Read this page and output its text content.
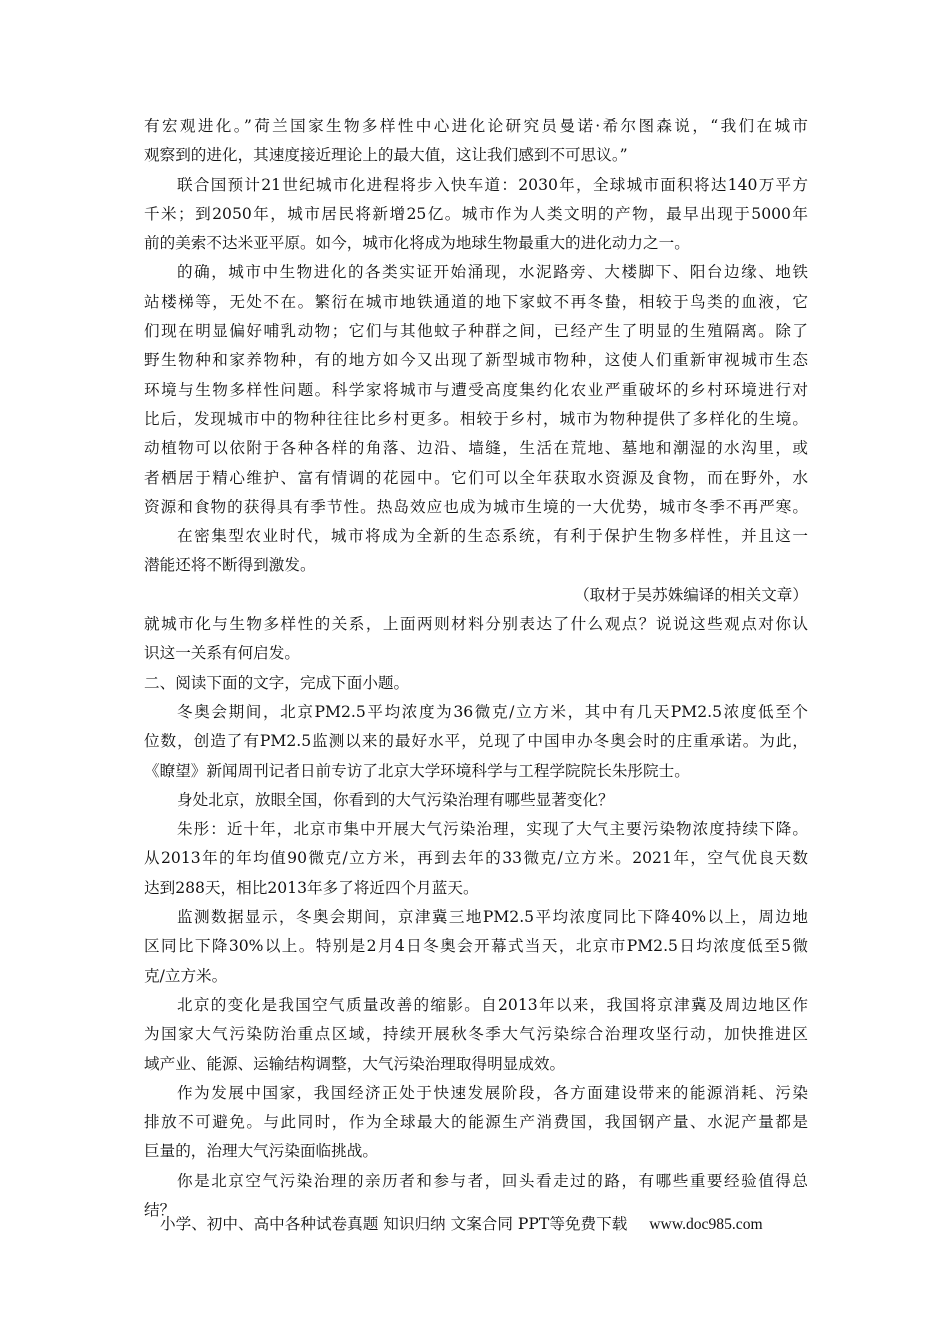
有宏观进化。”荷兰国家生物多样性中心进化论研究员曼诺·希尔图森说，“我们在城市
观察到的进化，其速度接近理论上的最大值，这让我们感到不可思议。”
联合国预计21世纪城市化进程将步入快车道：2030年，全球城市面积将达140万平方
千米；到2050年，城市居民将新增25亿。城市作为人类文明的产物，最早出现于5000年
前的美索不达米亚平原。如今，城市化将成为地球生物最重大的进化动力之一。
的确，城市中生物进化的各类实证开始涌现，水泥路旁、大楼脚下、阳台边缘、地铁
站楼梯等，无处不在。繁衍在城市地铁通道的地下家蚊不再冬蛰，相较于鸟类的血液，它
们现在明显偏好哺乳动物；它们与其他蚊子种群之间，已经产生了明显的生殖隔离。除了
野生物种和家养物种，有的地方如今又出现了新型城市物种，这使人们重新审视城市生态
环境与生物多样性问题。科学家将城市与遭受高度集约化农业严重破坏的乡村环境进行对
比后，发现城市中的物种往往比乡村更多。相较于乡村，城市为物种提供了多样化的生境。
动植物可以依附于各种各样的角落、边沿、墙缝，生活在荒地、墓地和潮湿的水沟里，或
者栖居于精心维护、富有情调的花园中。它们可以全年获取水资源及食物，而在野外，水
资源和食物的获得具有季节性。热岛效应也成为城市生境的一大优势，城市冬季不再严寒。
在密集型农业时代，城市将成为全新的生态系统，有利于保护生物多样性，并且这一
潜能还将不断得到激发。
（取材于吴苏姝编译的相关文章）
就城市化与生物多样性的关系，上面两则材料分别表达了什么观点？说说这些观点对你认
识这一关系有何启发。
二、阅读下面的文字，完成下面小题。
冬奥会期间，北京PM2.5平均浓度为36微克/立方米，其中有几天PM2.5浓度低至个
位数，创造了有PM2.5监测以来的最好水平，兑现了中国申办冬奥会时的庄重承诺。为此，
《瞭望》新闻周刊记者日前专访了北京大学环境科学与工程学院院长朱彤院士。
身处北京，放眼全国，你看到的大气污染治理有哪些显著变化？
朱彤：近十年，北京市集中开展大气污染治理，实现了大气主要污染物浓度持续下降。
从2013年的年均值90微克/立方米，再到去年的33微克/立方米。2021年，空气优良天数
达到288天，相比2013年多了将近四个月蓝天。
监测数据显示，冬奥会期间，京津冀三地PM2.5平均浓度同比下降40%以上，周边地
区同比下降30%以上。特别是2月4日冬奥会开幕式当天，北京市PM2.5日均浓度低至5微
克/立方米。
北京的变化是我国空气质量改善的缩影。自2013年以来，我国将京津冀及周边地区作
为国家大气污染防治重点区域，持续开展秋冬季大气污染综合治理攻坚行动，加快推进区
域产业、能源、运输结构调整，大气污染治理取得明显成效。
作为发展中国家，我国经济正处于快速发展阶段，各方面建设带来的能源消耗、污染
排放不可避免。与此同时，作为全球最大的能源生产消费国，我国钢产量、水泥产量都是
巨量的，治理大气污染面临挑战。
你是北京空气污染治理的亲历者和参与者，回头看走过的路，有哪些重要经验值得总
结？
小学、初中、高中各种试卷真题 知识归纳 文案合同 PPT等免费下载 www.doc985.com
